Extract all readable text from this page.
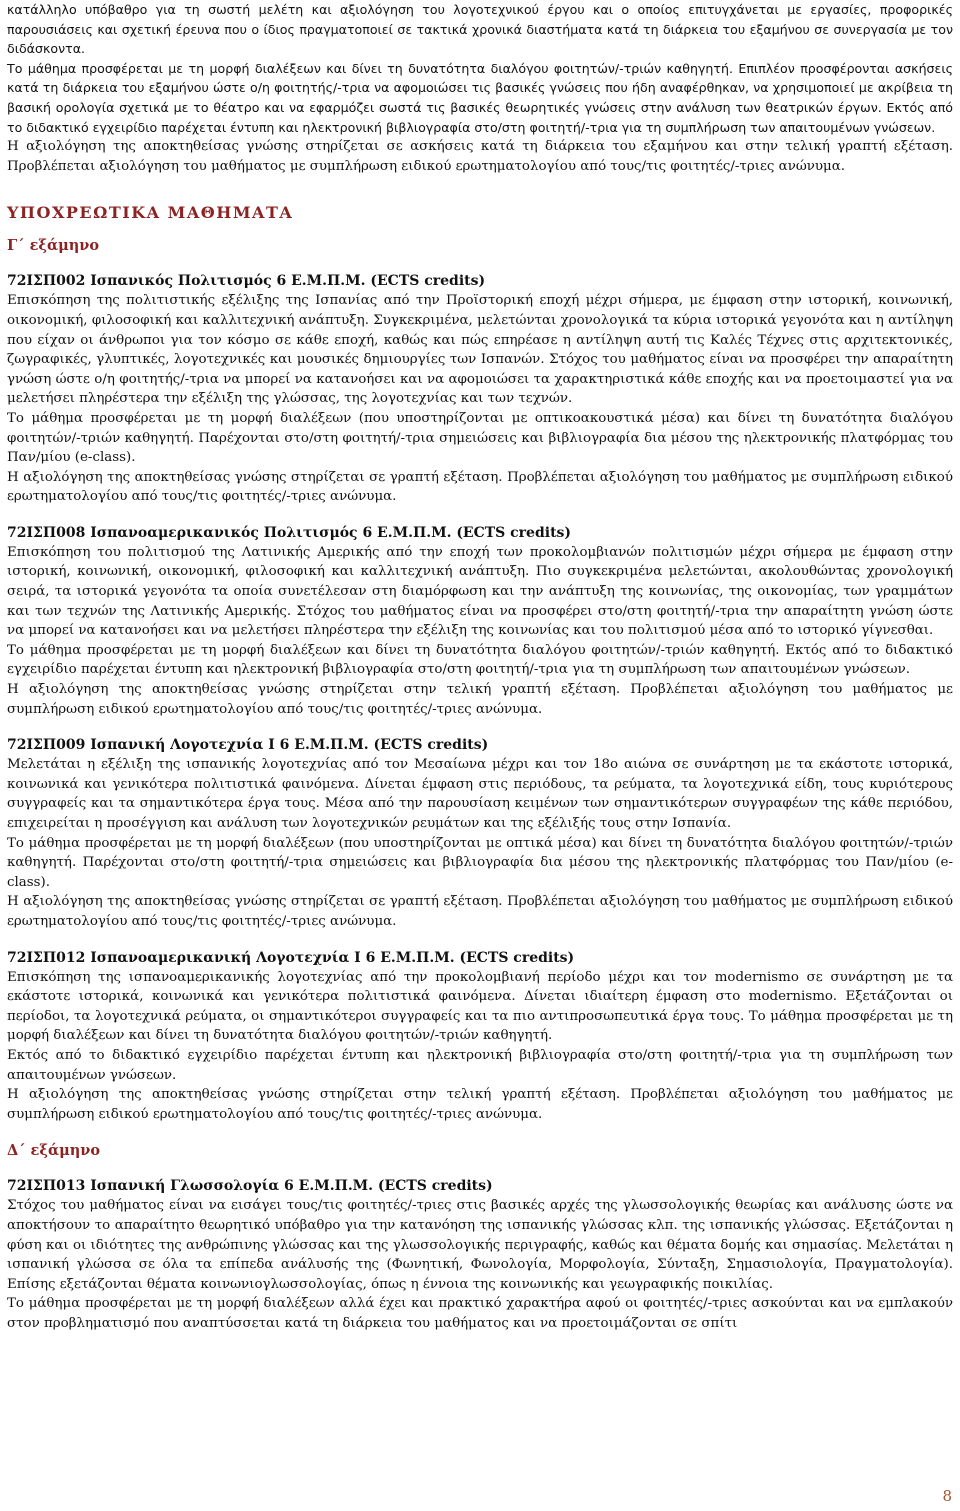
κατάλληλο υπόβαθρο για τη σωστή μελέτη και αξιολόγηση του λογοτεχνικού έργου και ο οποίος επιτυγχάνεται με εργασίες, προφορικές παρουσιάσεις και σχετική έρευνα που ο ίδιος πραγματοποιεί σε τακτικά χρονικά διαστήματα κατά τη διάρκεια του εξαμήνου σε συνεργασία με τον διδάσκοντα.

Το μάθημα προσφέρεται με τη μορφή διαλέξεων και δίνει τη δυνατότητα διαλόγου φοιτητών/-τριών καθηγητή. Επιπλέον προσφέρονται ασκήσεις κατά τη διάρκεια του εξαμήνου ώστε ο/η φοιτητής/-τρια να αφομοιώσει τις βασικές γνώσεις που ήδη αναφέρθηκαν, να χρησιμοποιεί με ακρίβεια τη βασική ορολογία σχετικά με το θέατρο και να εφαρμόζει σωστά τις βασικές θεωρητικές γνώσεις στην ανάλυση των θεατρικών έργων. Εκτός από το διδακτικό εγχειρίδιο παρέχεται έντυπη και ηλεκτρονική βιβλιογραφία στο/στη φοιτητή/-τρια για τη συμπλήρωση των απαιτουμένων γνώσεων.

Η αξιολόγηση της αποκτηθείσας γνώσης στηρίζεται σε ασκήσεις κατά τη διάρκεια του εξαμήνου και στην τελική γραπτή εξέταση. Προβλέπεται αξιολόγηση του μαθήματος με συμπλήρωση ειδικού ερωτηματολογίου από τους/τις φοιτητές/-τριες ανώνυμα.

ΥΠΟΧΡΕΩΤΙΚΑ ΜΑΘΗΜΑΤΑ
Γ΄ εξάμηνο

72ΙΣΠ002 Ισπανικός Πολιτισμός 6 Ε.Μ.Π.Μ. (ECTS credits)

Επισκόπηση της πολιτιστικής εξέλιξης της Ισπανίας από την Προϊστορική εποχή μέχρι σήμερα, με έμφαση στην ιστορική, κοινωνική, οικονομική, φιλοσοφική και καλλιτεχνική ανάπτυξη. Συγκεκριμένα, μελετώνται χρονολογικά τα κύρια ιστορικά γεγονότα και η αντίληψη που είχαν οι άνθρωποι για τον κόσμο σε κάθε εποχή, καθώς και πώς επηρέασε η αντίληψη αυτή τις Καλές Τέχνες στις αρχιτεκτονικές, ζωγραφικές, γλυπτικές, λογοτεχνικές και μουσικές δημιουργίες των Ισπανών. Στόχος του μαθήματος είναι να προσφέρει την απαραίτητη γνώση ώστε ο/η φοιτητής/-τρια να μπορεί να κατανοήσει και να αφομοιώσει τα χαρακτηριστικά κάθε εποχής και να προετοιμαστεί για να μελετήσει πληρέστερα την εξέλιξη της γλώσσας, της λογοτεχνίας και των τεχνών.

Το μάθημα προσφέρεται με τη μορφή διαλέξεων (που υποστηρίζονται με οπτικοακουστικά μέσα) και δίνει τη δυνατότητα διαλόγου φοιτητών/-τριών καθηγητή. Παρέχονται στο/στη φοιτητή/-τρια σημειώσεις και βιβλιογραφία δια μέσου της ηλεκτρονικής πλατφόρμας του Παν/μίου (e-class).

Η αξιολόγηση της αποκτηθείσας γνώσης στηρίζεται σε γραπτή εξέταση. Προβλέπεται αξιολόγηση του μαθήματος με συμπλήρωση ειδικού ερωτηματολογίου από τους/τις φοιτητές/-τριες ανώνυμα.

72ΙΣΠ008 Ισπανοαμερικανικός Πολιτισμός 6 Ε.Μ.Π.Μ. (ECTS credits)

Επισκόπηση του πολιτισμού της Λατινικής Αμερικής από την εποχή των προκολομβιανών πολιτισμών μέχρι σήμερα με έμφαση στην ιστορική, κοινωνική, οικονομική, φιλοσοφική και καλλιτεχνική ανάπτυξη. Πιο συγκεκριμένα μελετώνται, ακολουθώντας χρονολογική σειρά, τα ιστορικά γεγονότα τα οποία συνετέλεσαν στη διαμόρφωση και την ανάπτυξη της κοινωνίας, της οικονομίας, των γραμμάτων και των τεχνών της Λατινικής Αμερικής. Στόχος του μαθήματος είναι να προσφέρει στο/στη φοιτητή/-τρια την απαραίτητη γνώση ώστε να μπορεί να κατανοήσει και να μελετήσει πληρέστερα την εξέλιξη της κοινωνίας και του πολιτισμού μέσα από το ιστορικό γίγνεσθαι.

Το μάθημα προσφέρεται με τη μορφή διαλέξεων και δίνει τη δυνατότητα διαλόγου φοιτητών/-τριών καθηγητή. Εκτός από το διδακτικό εγχειρίδιο παρέχεται έντυπη και ηλεκτρονική βιβλιογραφία στο/στη φοιτητή/-τρια για τη συμπλήρωση των απαιτουμένων γνώσεων.

Η αξιολόγηση της αποκτηθείσας γνώσης στηρίζεται στην τελική γραπτή εξέταση. Προβλέπεται αξιολόγηση του μαθήματος με συμπλήρωση ειδικού ερωτηματολογίου από τους/τις φοιτητές/-τριες ανώνυμα.

72ΙΣΠ009 Ισπανική Λογοτεχνία Ι 6 Ε.Μ.Π.Μ. (ECTS credits)

Μελετάται η εξέλιξη της ισπανικής λογοτεχνίας από τον Μεσαίωνα μέχρι και τον 18ο αιώνα σε συνάρτηση με τα εκάστοτε ιστορικά, κοινωνικά και γενικότερα πολιτιστικά φαινόμενα. Δίνεται έμφαση στις περιόδους, τα ρεύματα, τα λογοτεχνικά είδη, τους κυριότερους συγγραφείς και τα σημαντικότερα έργα τους. Μέσα από την παρουσίαση κειμένων των σημαντικότερων συγγραφέων της κάθε περιόδου, επιχειρείται η προσέγγιση και ανάλυση των λογοτεχνικών ρευμάτων και της εξέλιξής τους στην Ισπανία.

Το μάθημα προσφέρεται με τη μορφή διαλέξεων (που υποστηρίζονται με οπτικά μέσα) και δίνει τη δυνατότητα διαλόγου φοιτητών/-τριών καθηγητή. Παρέχονται στο/στη φοιτητή/-τρια σημειώσεις και βιβλιογραφία δια μέσου της ηλεκτρονικής πλατφόρμας του Παν/μίου (e-class).

Η αξιολόγηση της αποκτηθείσας γνώσης στηρίζεται σε γραπτή εξέταση. Προβλέπεται αξιολόγηση του μαθήματος με συμπλήρωση ειδικού ερωτηματολογίου από τους/τις φοιτητές/-τριες ανώνυμα.

72ΙΣΠ012 Ισπανοαμερικανική Λογοτεχνία Ι 6 Ε.Μ.Π.Μ. (ECTS credits)

Επισκόπηση της ισπανοαμερικανικής λογοτεχνίας από την προκολομβιανή περίοδο μέχρι και τον modernismo σε συνάρτηση με τα εκάστοτε ιστορικά, κοινωνικά και γενικότερα πολιτιστικά φαινόμενα. Δίνεται ιδιαίτερη έμφαση στο modernismo. Εξετάζονται οι περίοδοι, τα λογοτεχνικά ρεύματα, οι σημαντικότεροι συγγραφείς και τα πιο αντιπροσωπευτικά έργα τους. Το μάθημα προσφέρεται με τη μορφή διαλέξεων και δίνει τη δυνατότητα διαλόγου φοιτητών/-τριών καθηγητή.

Εκτός από το διδακτικό εγχειρίδιο παρέχεται έντυπη και ηλεκτρονική βιβλιογραφία στο/στη φοιτητή/-τρια για τη συμπλήρωση των απαιτουμένων γνώσεων.

Η αξιολόγηση της αποκτηθείσας γνώσης στηρίζεται στην τελική γραπτή εξέταση. Προβλέπεται αξιολόγηση του μαθήματος με συμπλήρωση ειδικού ερωτηματολογίου από τους/τις φοιτητές/-τριες ανώνυμα.

Δ΄ εξάμηνο

72ΙΣΠ013 Ισπανική Γλωσσολογία 6 Ε.Μ.Π.Μ. (ECTS credits)

Στόχος του μαθήματος είναι να εισάγει τους/τις φοιτητές/-τριες στις βασικές αρχές της γλωσσολογικής θεωρίας και ανάλυσης ώστε να αποκτήσουν το απαραίτητο θεωρητικό υπόβαθρο για την κατανόηση της ισπανικής γλώσσας κλπ. της ισπανικής γλώσσας. Εξετάζονται η φύση και οι ιδιότητες της ανθρώπινης γλώσσας και της γλωσσολογικής περιγραφής, καθώς και θέματα δομής και σημασίας. Μελετάται η ισπανική γλώσσα σε όλα τα επίπεδα ανάλυσής της (Φωνητική, Φωνολογία, Μορφολογία, Σύνταξη, Σημασιολογία, Πραγματολογία). Επίσης εξετάζονται θέματα κοινωνιογλωσσολογίας, όπως η έννοια της κοινωνικής και γεωγραφικής ποικιλίας.

Το μάθημα προσφέρεται με τη μορφή διαλέξεων αλλά έχει και πρακτικό χαρακτήρα αφού οι φοιτητές/-τριες ασκούνται και να εμπλακούν στον προβληματισμό που αναπτύσσεται κατά τη διάρκεια του μαθήματος και να προετοιμάζονται σε σπίτι

8
